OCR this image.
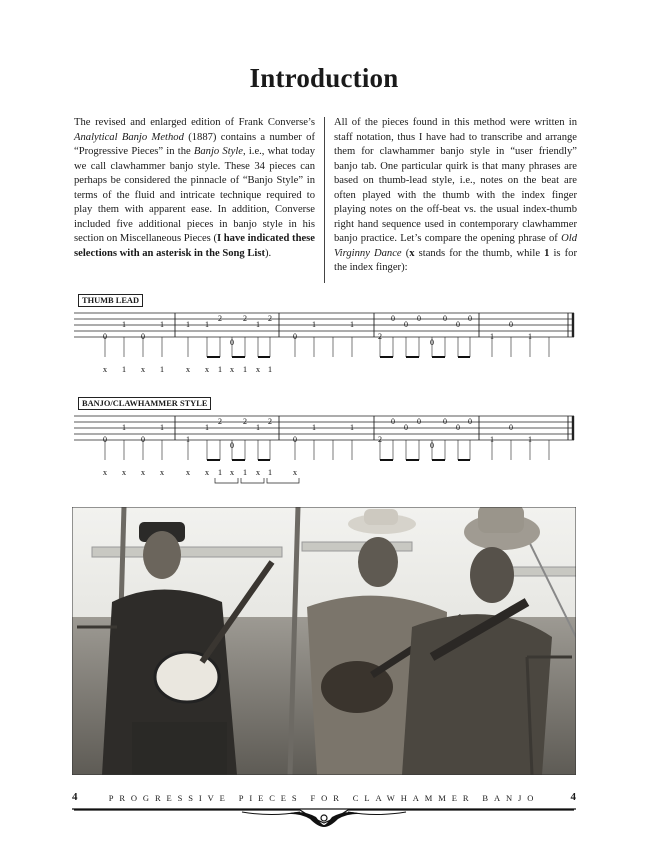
Introduction
The revised and enlarged edition of Frank Converse’s Analytical Banjo Method (1887) contains a number of “Progressive Pieces” in the Banjo Style, i.e., what today we call clawhammer banjo style. These 34 pieces can perhaps be considered the pinnacle of “Banjo Style” in terms of the fluid and intricate technique required to play them with apparent ease. In addition, Converse included five additional pieces in banjo style in his section on Miscellaneous Pieces (I have indicated these selections with an asterisk in the Song List).
All of the pieces found in this method were written in staff notation, thus I have had to transcribe and arrange them for clawhammer banjo style in “user friendly” banjo tab. One particular quirk is that many phrases are based on thumb-lead style, i.e., notes on the beat are often played with the thumb with the index finger playing notes on the off-beat vs. the usual index-thumb right hand sequence used in contemporary clawhammer banjo practice. Let’s compare the opening phrase of Old Virginny Dance (x stands for the thumb, while 1 is for the index finger):
THUMB LEAD
0
1
0
1	1 1
2
0
2
1
2
0
1	1
2
0
0
0
0
0
0
0
1
0
1
x 1 x 1	x x 1 x 1 x 1
BANJO/CLAWHAMMER STYLE
0
1
0
1
1
1
2
0
2
1
2
0
1	1
2
0
0
0
0
0
0
0
1
0
1
x x x x	x x 1 x 1 x 1 x
4	PROGRESSIVE PIECES FOR CLAWHAMMER BANJO	4
